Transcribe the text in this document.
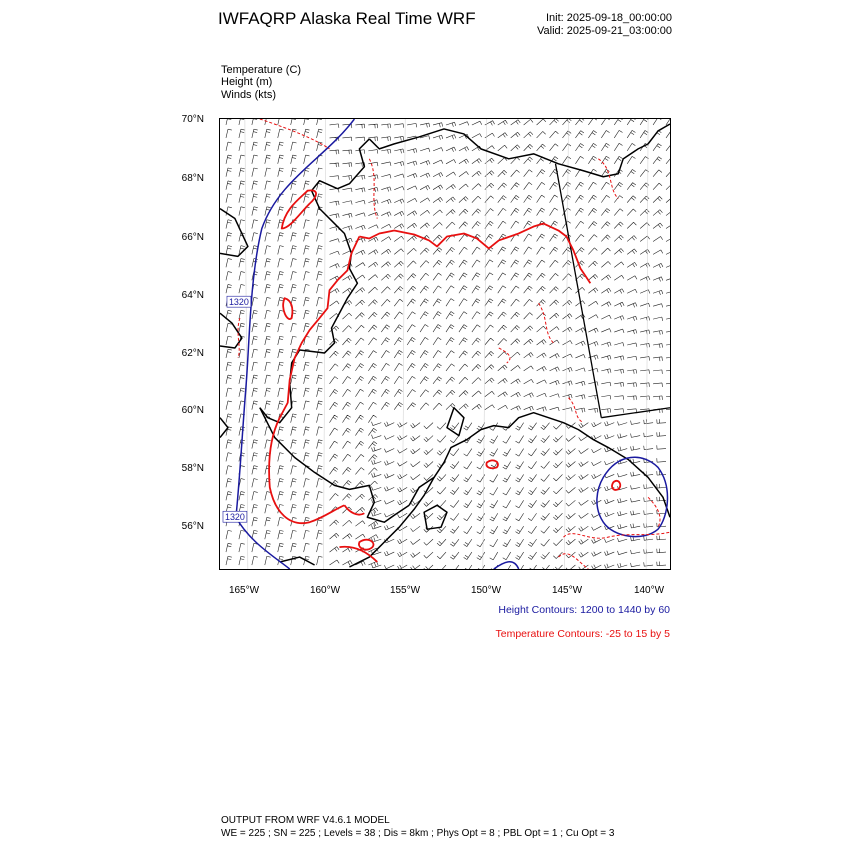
IWFAQRP Alaska Real Time WRF	Init: 2025-09-18_00:00:00
Valid: 2025-09-21_03:00:00
Temperature (C)
Height (m)
Winds (kts)
70°N
68°N
66°N
64°N
62°N
60°N
58°N
56°N
165°W	160°W	155°W	150°W	145°W	140°W
1320
1320
Height Contours: 1200 to 1440 by 60
Temperature Contours: -25 to 15 by 5
OUTPUT FROM WRF V4.6.1 MODEL
WE = 225 ; SN = 225 ; Levels = 38 ; Dis = 8km ; Phys Opt = 8 ; PBL Opt = 1 ; Cu Opt = 3
